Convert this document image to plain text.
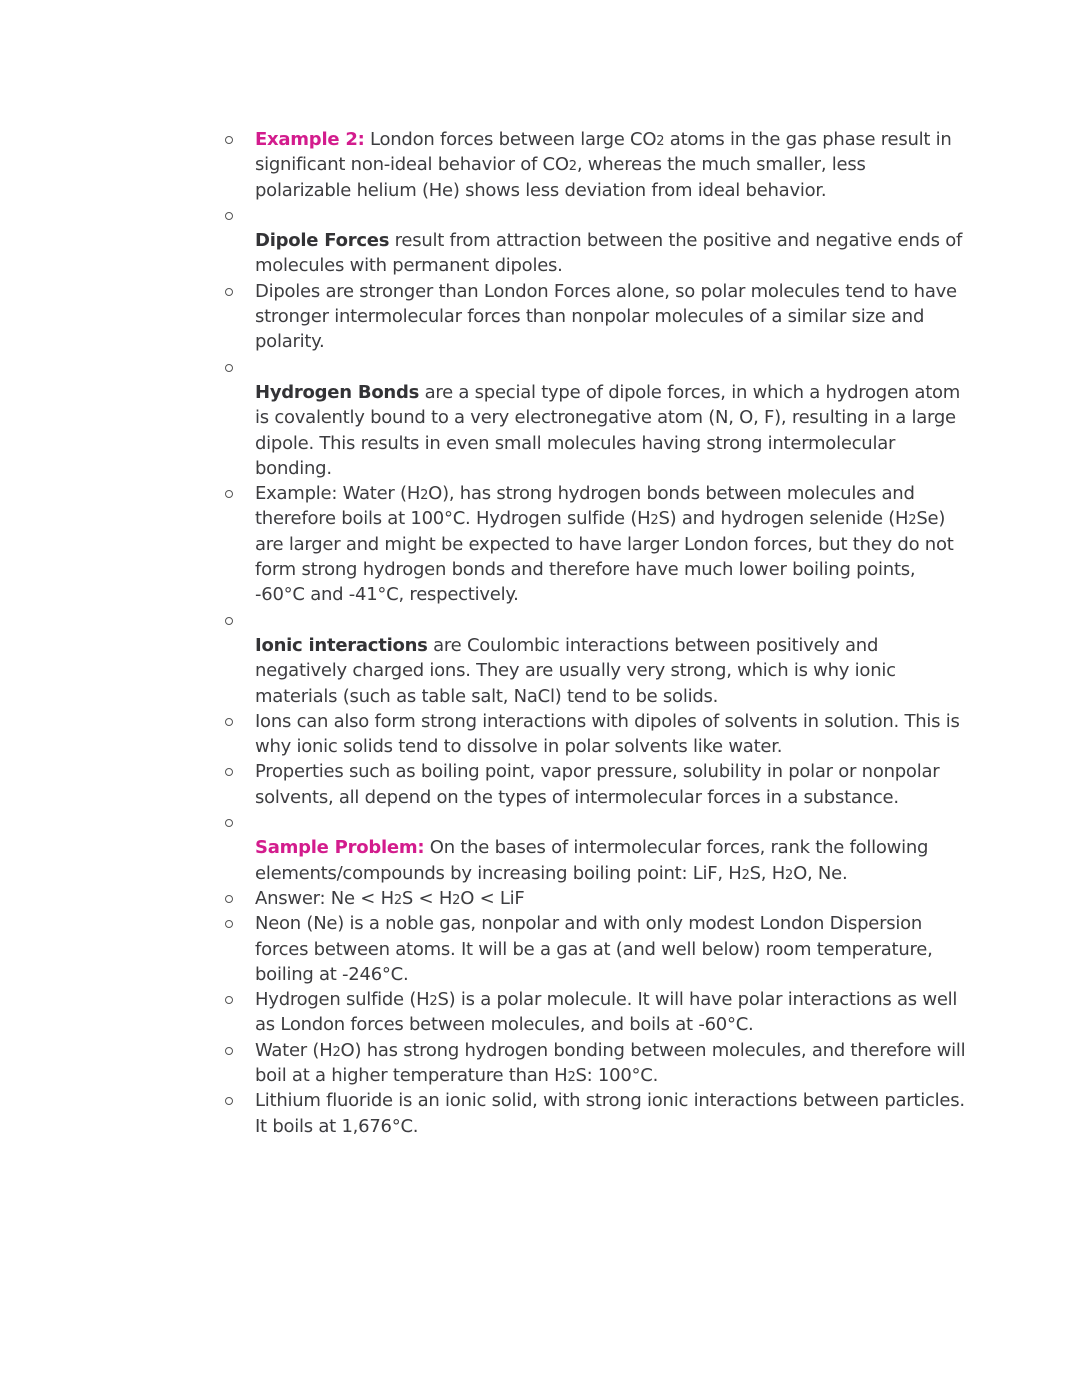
Example 2: London forces between large CO2 atoms in the gas phase result in significant non-ideal behavior of CO2, whereas the much smaller, less polarizable helium (He) shows less deviation from ideal behavior.
Dipole Forces result from attraction between the positive and negative ends of molecules with permanent dipoles.
Dipoles are stronger than London Forces alone, so polar molecules tend to have stronger intermolecular forces than nonpolar molecules of a similar size and polarity.
Hydrogen Bonds are a special type of dipole forces, in which a hydrogen atom is covalently bound to a very electronegative atom (N, O, F), resulting in a large dipole. This results in even small molecules having strong intermolecular bonding.
Example: Water (H2O), has strong hydrogen bonds between molecules and therefore boils at 100°C. Hydrogen sulfide (H2S) and hydrogen selenide (H2Se) are larger and might be expected to have larger London forces, but they do not form strong hydrogen bonds and therefore have much lower boiling points, -60°C and -41°C, respectively.
Ionic interactions are Coulombic interactions between positively and negatively charged ions. They are usually very strong, which is why ionic materials (such as table salt, NaCl) tend to be solids.
Ions can also form strong interactions with dipoles of solvents in solution. This is why ionic solids tend to dissolve in polar solvents like water.
Properties such as boiling point, vapor pressure, solubility in polar or nonpolar solvents, all depend on the types of intermolecular forces in a substance.
Sample Problem: On the bases of intermolecular forces, rank the following elements/compounds by increasing boiling point: LiF, H2S, H2O, Ne.
Answer: Ne < H2S < H2O < LiF
Neon (Ne) is a noble gas, nonpolar and with only modest London Dispersion forces between atoms. It will be a gas at (and well below) room temperature, boiling at -246°C.
Hydrogen sulfide (H2S) is a polar molecule. It will have polar interactions as well as London forces between molecules, and boils at -60°C.
Water (H2O) has strong hydrogen bonding between molecules, and therefore will boil at a higher temperature than H2S: 100°C.
Lithium fluoride is an ionic solid, with strong ionic interactions between particles. It boils at 1,676°C.
